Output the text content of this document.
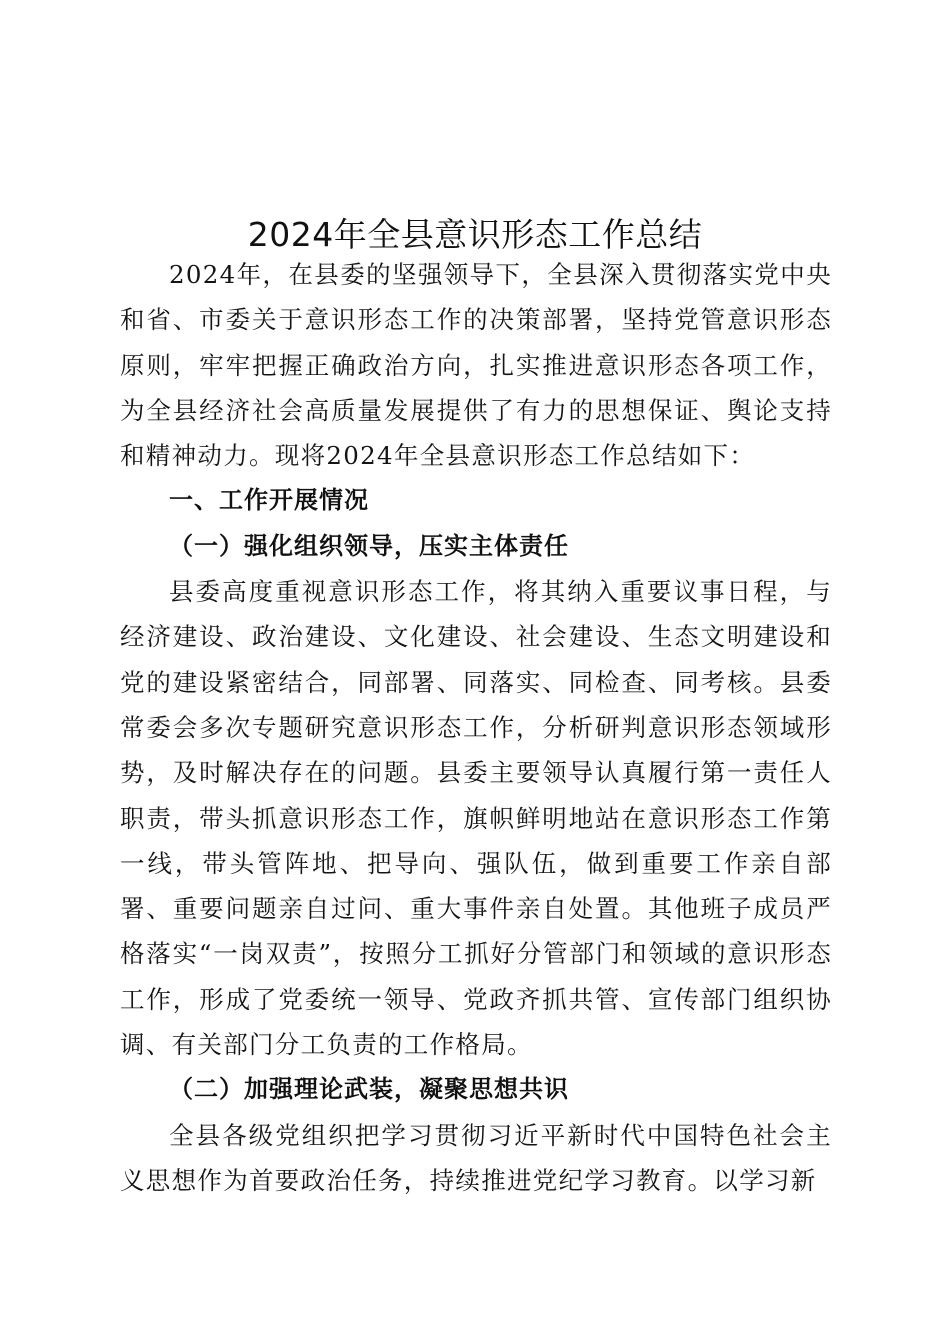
2024年全县意识形态工作总结

2024年，在县委的坚强领导下，全县深入贯彻落实党中央和省、市委关于意识形态工作的决策部署，坚持党管意识形态原则，牢牢把握正确政治方向，扎实推进意识形态各项工作，为全县经济社会高质量发展提供了有力的思想保证、舆论支持和精神动力。现将2024年全县意识形态工作总结如下：

一、工作开展情况

（一）强化组织领导，压实主体责任

县委高度重视意识形态工作，将其纳入重要议事日程，与经济建设、政治建设、文化建设、社会建设、生态文明建设和党的建设紧密结合，同部署、同落实、同检查、同考核。县委常委会多次专题研究意识形态工作，分析研判意识形态领域形势，及时解决存在的问题。县委主要领导认真履行第一责任人职责，带头抓意识形态工作，旗帜鲜明地站在意识形态工作第一线，带头管阵地、把导向、强队伍，做到重要工作亲自部署、重要问题亲自过问、重大事件亲自处置。其他班子成员严格落实“一岗双责”，按照分工抓好分管部门和领域的意识形态工作，形成了党委统一领导、党政齐抓共管、宣传部门组织协调、有关部门分工负责的工作格局。

（二）加强理论武装，凝聚思想共识

全县各级党组织把学习贯彻习近平新时代中国特色社会主义思想作为首要政治任务，持续推进党纪学习教育。以学习新
